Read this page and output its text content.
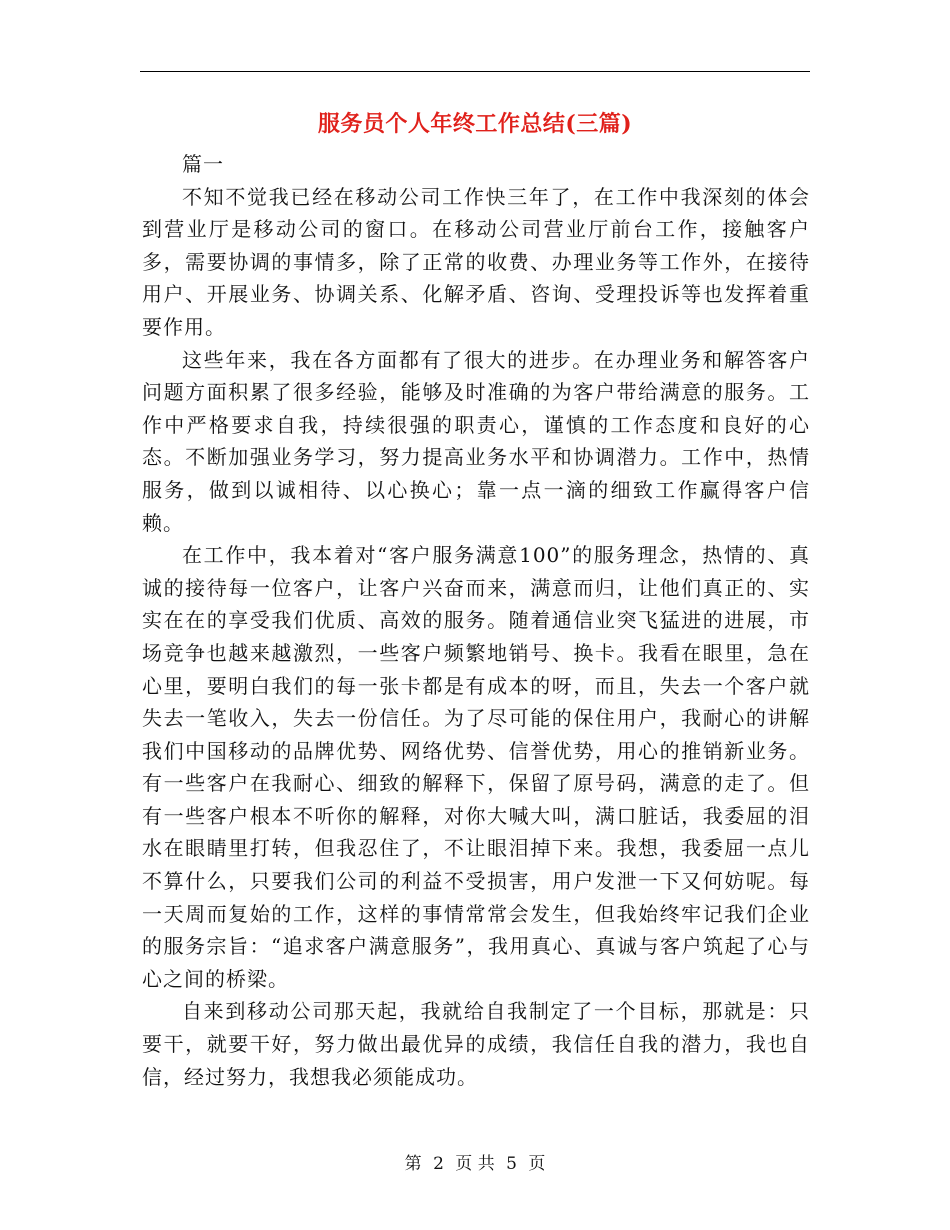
服务员个人年终工作总结(三篇)

篇一

不知不觉我已经在移动公司工作快三年了，在工作中我深刻的体会到营业厅是移动公司的窗口。在移动公司营业厅前台工作，接触客户多，需要协调的事情多，除了正常的收费、办理业务等工作外，在接待用户、开展业务、协调关系、化解矛盾、咨询、受理投诉等也发挥着重要作用。

这些年来，我在各方面都有了很大的进步。在办理业务和解答客户问题方面积累了很多经验，能够及时准确的为客户带给满意的服务。工作中严格要求自我，持续很强的职责心，谨慎的工作态度和良好的心态。不断加强业务学习，努力提高业务水平和协调潜力。工作中，热情服务，做到以诚相待、以心换心；靠一点一滴的细致工作赢得客户信赖。

在工作中，我本着对“客户服务满意100”的服务理念，热情的、真诚的接待每一位客户，让客户兴奋而来，满意而归，让他们真正的、实实在在的享受我们优质、高效的服务。随着通信业突飞猛进的进展，市场竞争也越来越激烈，一些客户频繁地销号、换卡。我看在眼里，急在心里，要明白我们的每一张卡都是有成本的呀，而且，失去一个客户就失去一笔收入，失去一份信任。为了尽可能的保住用户，我耐心的讲解我们中国移动的品牌优势、网络优势、信誉优势，用心的推销新业务。有一些客户在我耐心、细致的解释下，保留了原号码，满意的走了。但有一些客户根本不听你的解释，对你大喊大叫，满口脏话，我委屈的泪水在眼睛里打转，但我忍住了，不让眼泪掉下来。我想，我委屈一点儿不算什么，只要我们公司的利益不受损害，用户发泄一下又何妨呢。每一天周而复始的工作，这样的事情常常会发生，但我始终牢记我们企业的服务宗旨：“追求客户满意服务”，我用真心、真诚与客户筑起了心与心之间的桥梁。

自来到移动公司那天起，我就给自我制定了一个目标，那就是：只要干，就要干好，努力做出最优异的成绩，我信任自我的潜力，我也自信，经过努力，我想我必须能成功。

第 2 页 共 5 页
